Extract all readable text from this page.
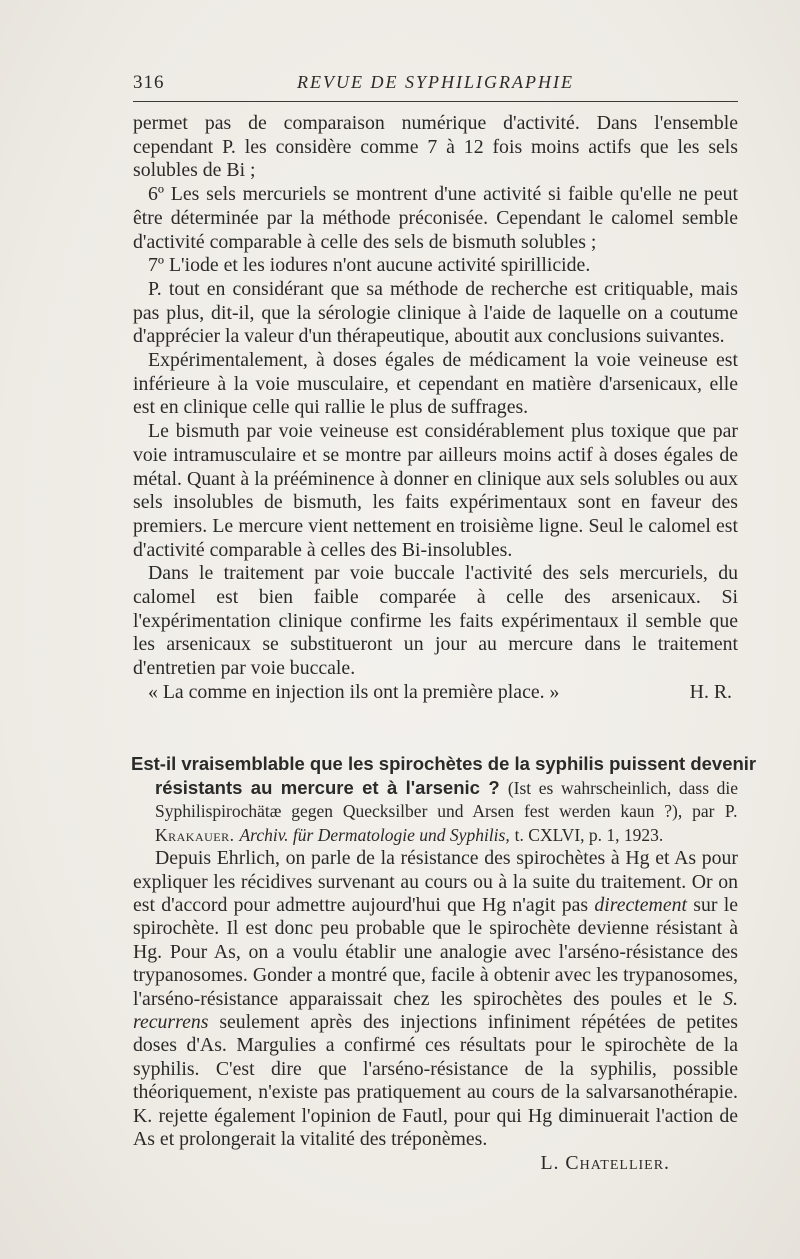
316	REVUE DE SYPHILIGRAPHIE

permet pas de comparaison numérique d'activité. Dans l'ensemble cependant P. les considère comme 7 à 12 fois moins actifs que les sels solubles de Bi ;

6º Les sels mercuriels se montrent d'une activité si faible qu'elle ne peut être déterminée par la méthode préconisée. Cependant le calomel semble d'activité comparable à celle des sels de bismuth solubles ;

7º L'iode et les iodures n'ont aucune activité spirillicide.

P. tout en considérant que sa méthode de recherche est critiquable, mais pas plus, dit-il, que la sérologie clinique à l'aide de laquelle on a coutume d'apprécier la valeur d'un thérapeutique, aboutit aux conclusions suivantes.

Expérimentalement, à doses égales de médicament la voie veineuse est inférieure à la voie musculaire, et cependant en matière d'arsenicaux, elle est en clinique celle qui rallie le plus de suffrages.

Le bismuth par voie veineuse est considérablement plus toxique que par voie intramusculaire et se montre par ailleurs moins actif à doses égales de métal. Quant à la prééminence à donner en clinique aux sels solubles ou aux sels insolubles de bismuth, les faits expérimentaux sont en faveur des premiers. Le mercure vient nettement en troisième ligne. Seul le calomel est d'activité comparable à celles des Bi-insolubles.

Dans le traitement par voie buccale l'activité des sels mercuriels, du calomel est bien faible comparée à celle des arsenicaux. Si l'expérimentation clinique confirme les faits expérimentaux il semble que les arsenicaux se substitueront un jour au mercure dans le traitement d'entretien par voie buccale.

« La comme en injection ils ont la première place. »	H. R.
Est-il vraisemblable que les spirochètes de la syphilis puissent devenir

résistants au mercure et à l'arsenic ? (Ist es wahrscheinlich, dass die Syphilispirochätæ gegen Quecksilber und Arsen fest werden kaun ?), par P. Krakauer. Archiv. für Dermatologie und Syphilis, t. CXLVI, p. 1, 1923.

Depuis Ehrlich, on parle de la résistance des spirochètes à Hg et As pour expliquer les récidives survenant au cours ou à la suite du traitement. Or on est d'accord pour admettre aujourd'hui que Hg n'agit pas directement sur le spirochète. Il est donc peu probable que le spirochète devienne résistant à Hg. Pour As, on a voulu établir une analogie avec l'arséno-résistance des trypanosomes. Gonder a montré que, facile à obtenir avec les trypanosomes, l'arséno-résistance apparaissait chez les spirochètes des poules et le S. recurrens seulement après des injections infiniment répétées de petites doses d'As. Margulies a confirmé ces résultats pour le spirochète de la syphilis. C'est dire que l'arséno-résistance de la syphilis, possible théoriquement, n'existe pas pratiquement au cours de la salvarsanothérapie. K. rejette également l'opinion de Fautl, pour qui Hg diminuerait l'action de As et prolongerait la vitalité des tréponèmes.

L. Chatellier.
